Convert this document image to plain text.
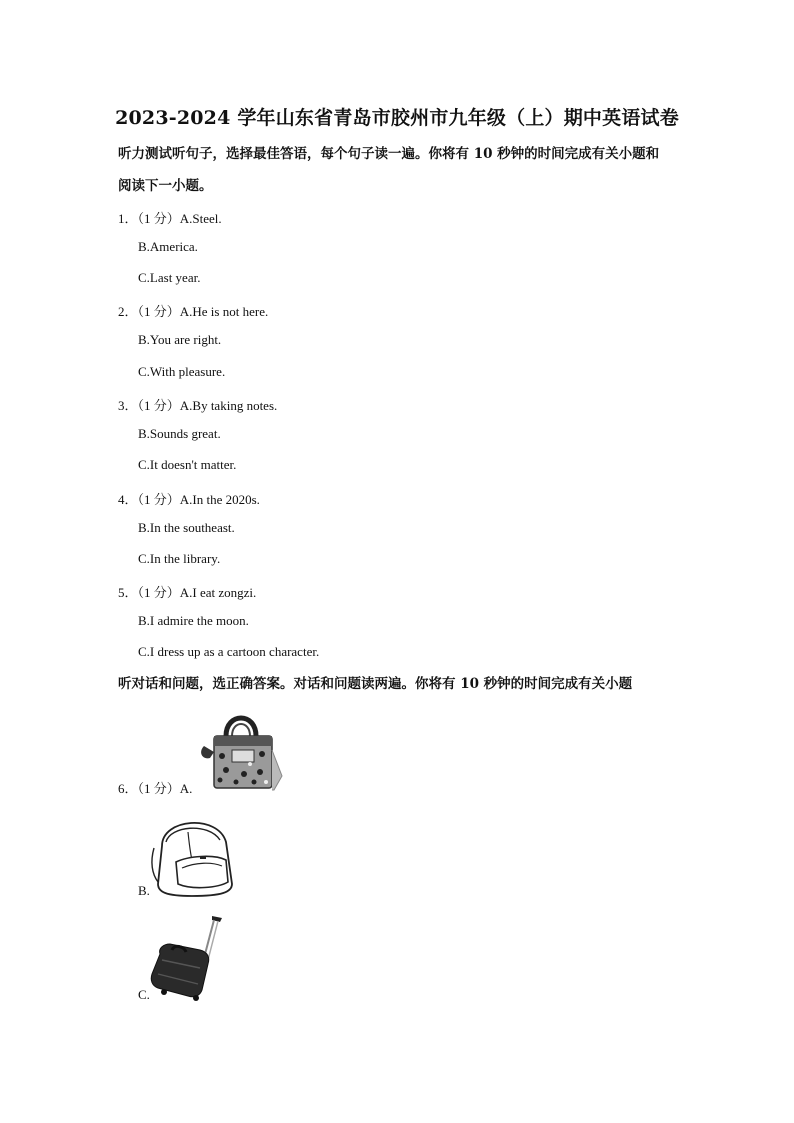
2023-2024 学年山东省青岛市胶州市九年级（上）期中英语试卷
听力测试听句子，选择最佳答语，每个句子读一遍。你将有 10 秒钟的时间完成有关小题和
阅读下一小题。
1．（1 分）A.Steel.
B.America.
C.Last year.
2．（1 分）A.He is not here.
B.You are right.
C.With pleasure.
3．（1 分）A.By taking notes.
B.Sounds great.
C.It doesn't matter.
4．（1 分）A.In the 2020s.
B.In the southeast.
C.In the library.
5．（1 分）A.I eat zongzi.
B.I admire the moon.
C.I dress up as a cartoon character.
听对话和问题，选正确答案。对话和问题读两遍。你将有 10 秒钟的时间完成有关小题
6．（1 分）A.
B.
C.
